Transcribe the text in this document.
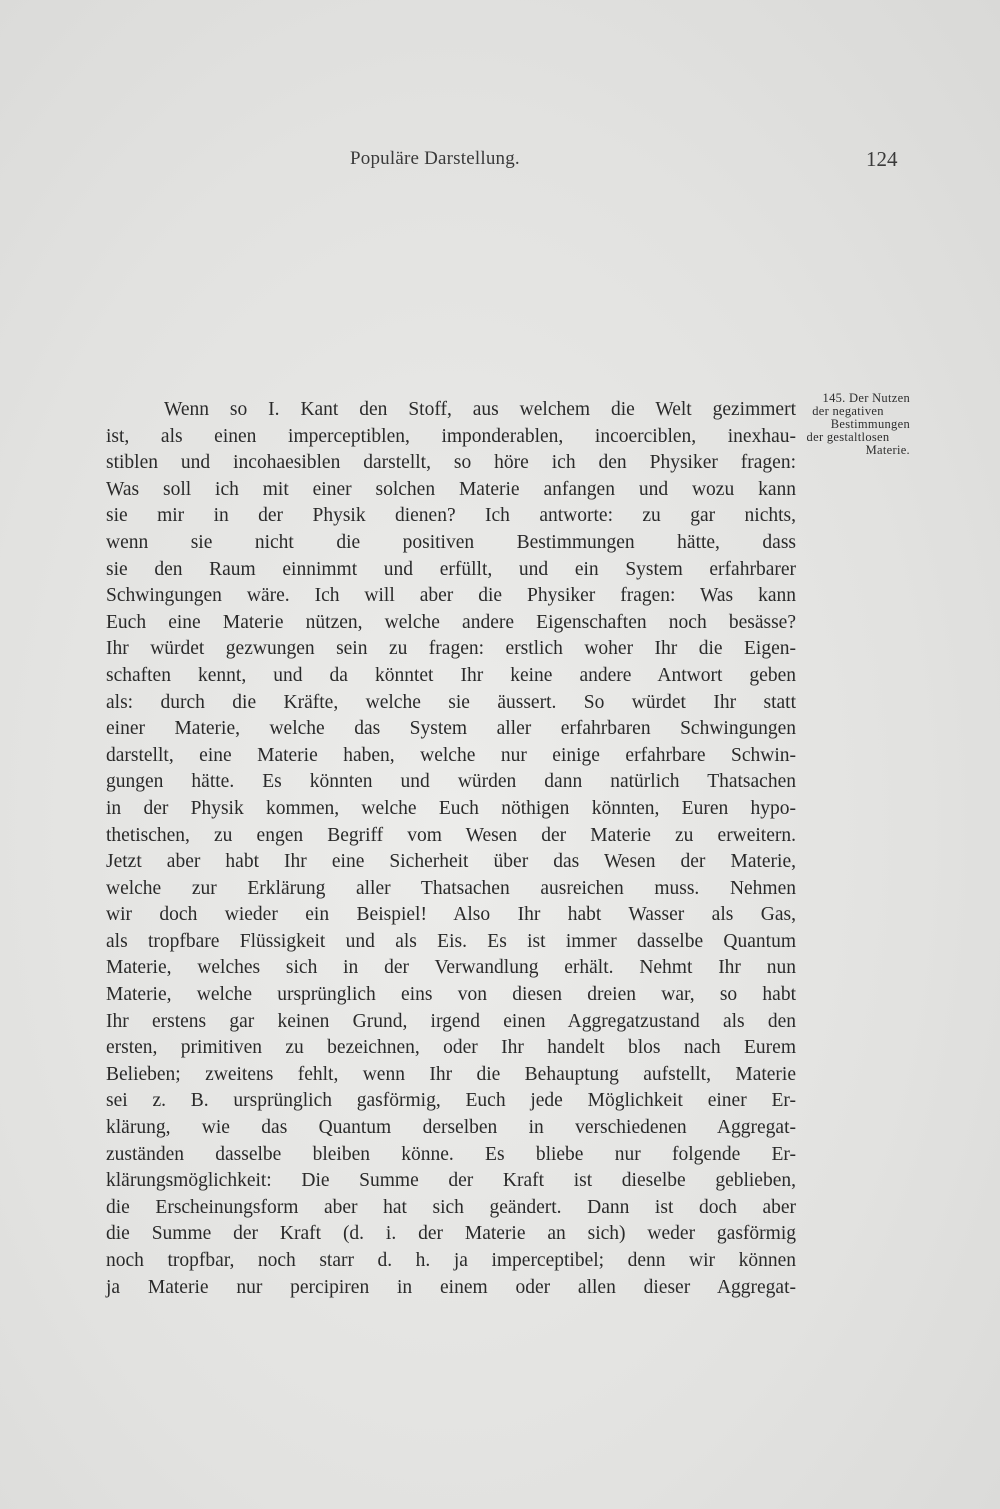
Populäre Darstellung.	124
145. Der Nutzen
der negativen
Bestimmungen
der gestaltlosen
Materie.
Wenn so I. Kant den Stoff, aus welchem die Welt gezimmert
ist, als einen imperceptiblen, imponderablen, incoerciblen, inexhau-
stiblen und incohaesiblen darstellt, so höre ich den Physiker fragen:
Was soll ich mit einer solchen Materie anfangen und wozu kann
sie mir in der Physik dienen? Ich antworte: zu gar nichts,
wenn sie nicht die positiven Bestimmungen hätte, dass
sie den Raum einnimmt und erfüllt, und ein System erfahrbarer
Schwingungen wäre. Ich will aber die Physiker fragen: Was kann
Euch eine Materie nützen, welche andere Eigenschaften noch besässe?
Ihr würdet gezwungen sein zu fragen: erstlich woher Ihr die Eigen-
schaften kennt, und da könntet Ihr keine andere Antwort geben
als: durch die Kräfte, welche sie äussert. So würdet Ihr statt
einer Materie, welche das System aller erfahrbaren Schwingungen
darstellt, eine Materie haben, welche nur einige erfahrbare Schwin-
gungen hätte. Es könnten und würden dann natürlich Thatsachen
in der Physik kommen, welche Euch nöthigen könnten, Euren hypo-
thetischen, zu engen Begriff vom Wesen der Materie zu erweitern.
Jetzt aber habt Ihr eine Sicherheit über das Wesen der Materie,
welche zur Erklärung aller Thatsachen ausreichen muss. Nehmen
wir doch wieder ein Beispiel! Also Ihr habt Wasser als Gas,
als tropfbare Flüssigkeit und als Eis. Es ist immer dasselbe Quantum
Materie, welches sich in der Verwandlung erhält. Nehmt Ihr nun
Materie, welche ursprünglich eins von diesen dreien war, so habt
Ihr erstens gar keinen Grund, irgend einen Aggregatzustand als den
ersten, primitiven zu bezeichnen, oder Ihr handelt blos nach Eurem
Belieben; zweitens fehlt, wenn Ihr die Behauptung aufstellt, Materie
sei z. B. ursprünglich gasförmig, Euch jede Möglichkeit einer Er-
klärung, wie das Quantum derselben in verschiedenen Aggregat-
zuständen dasselbe bleiben könne. Es bliebe nur folgende Er-
klärungsmöglichkeit: Die Summe der Kraft ist dieselbe geblieben,
die Erscheinungsform aber hat sich geändert. Dann ist doch aber
die Summe der Kraft (d. i. der Materie an sich) weder gasförmig
noch tropfbar, noch starr d. h. ja imperceptibel; denn wir können
ja Materie nur percipiren in einem oder allen dieser Aggregat-
